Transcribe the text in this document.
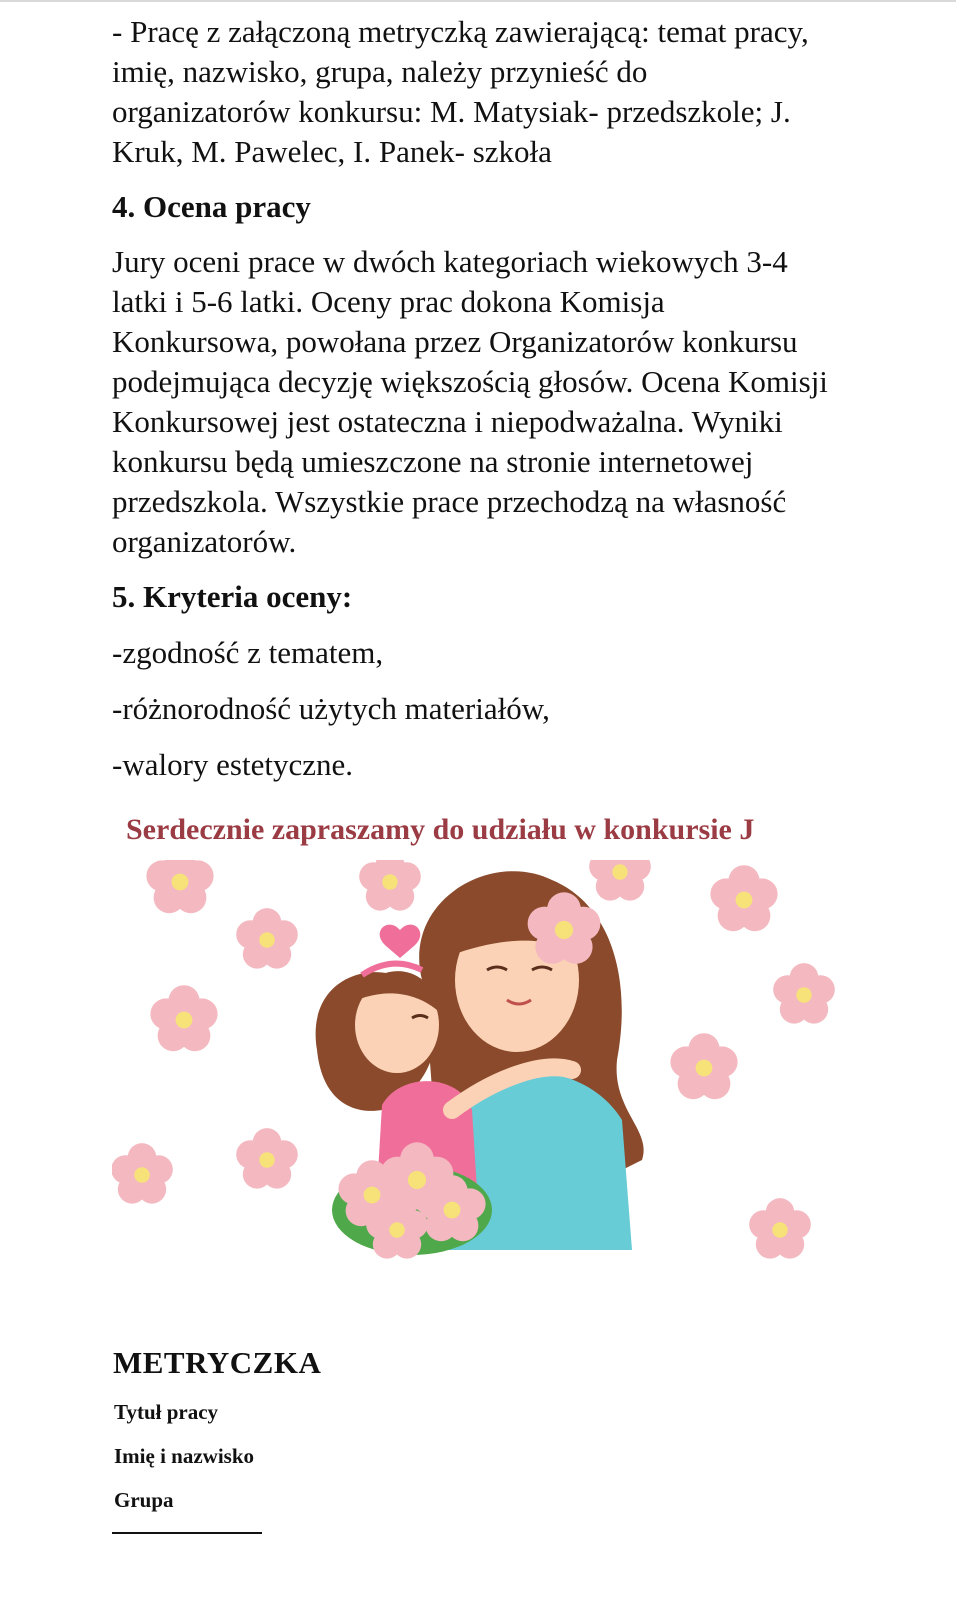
- Pracę z załączoną metryczką zawierającą: temat pracy, imię, nazwisko, grupa, należy przynieść do organizatorów konkursu: M. Matysiak- przedszkole; J. Kruk, M. Pawelec, I. Panek- szkoła

4. Ocena pracy

Jury oceni prace w dwóch kategoriach wiekowych 3-4 latki i 5-6 latki. Oceny prac dokona Komisja Konkursowa, powołana przez Organizatorów konkursu podejmująca decyzję większością głosów. Ocena Komisji Konkursowej jest ostateczna i niepodważalna. Wyniki konkursu będą umieszczone na stronie internetowej przedszkola. Wszystkie prace przechodzą na własność organizatorów.

5. Kryteria oceny:

-zgodność z tematem,

-różnorodność użytych materiałów,

-walory estetyczne.

Serdecznie zapraszamy do udziału w konkursie J
METRYCZKA
Tytuł pracy
Imię i nazwisko
Grupa
